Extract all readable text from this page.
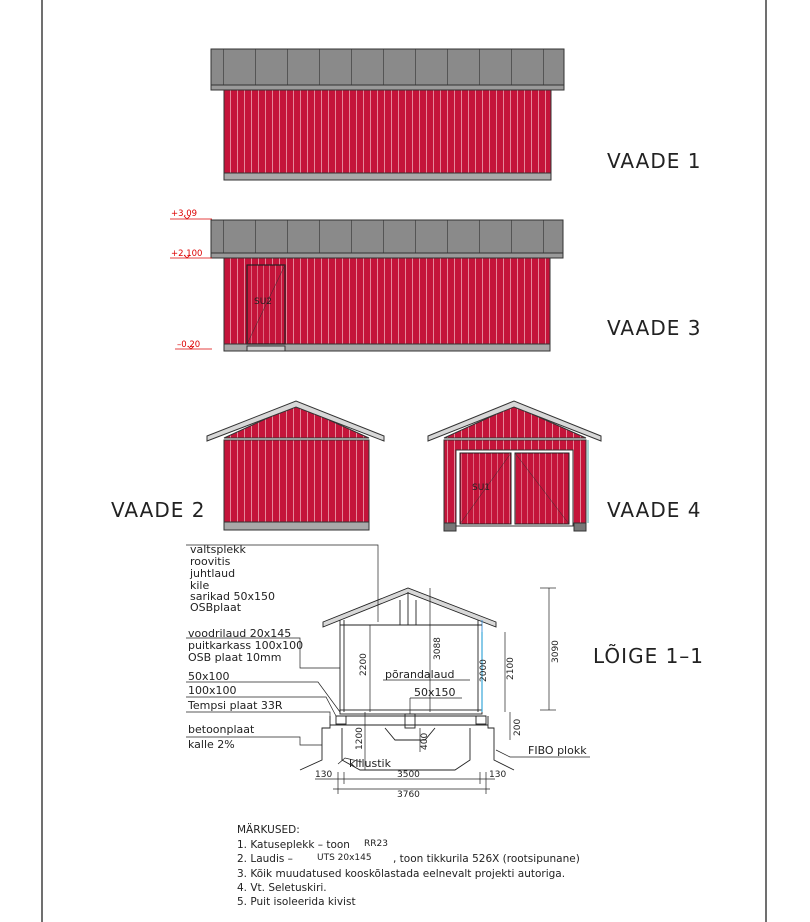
VAADE 1
SU2
+3.09
+2.100
–0.20
VAADE 3
VAADE 2
SU1
VAADE 4
3090
3088
2200	2000 2100
1200	400
200
130	130
3500
3760
valtsplekk
roovitis
juhtlaud
kile
sarikad 50x150
OSBplaat
voodrilaud 20x145
puitkarkass 100x100
OSB plaat 10mm
50x100
100x100
Tempsi plaat 33R
betoonplaat
kalle 2%
põrandalaud
50x150
killustik
FIBO plokk
LÕIGE 1–1
MÄRKUSED:
1. Katuseplekk – toon RR23
2. Laudis –	UTS 20x145 , toon tikkurila 526X (rootsipunane)
3. Kõik muudatused kooskõlastada eelnevalt projekti autoriga.
4. Vt. Seletuskiri.
5. Puit isoleerida kivist
